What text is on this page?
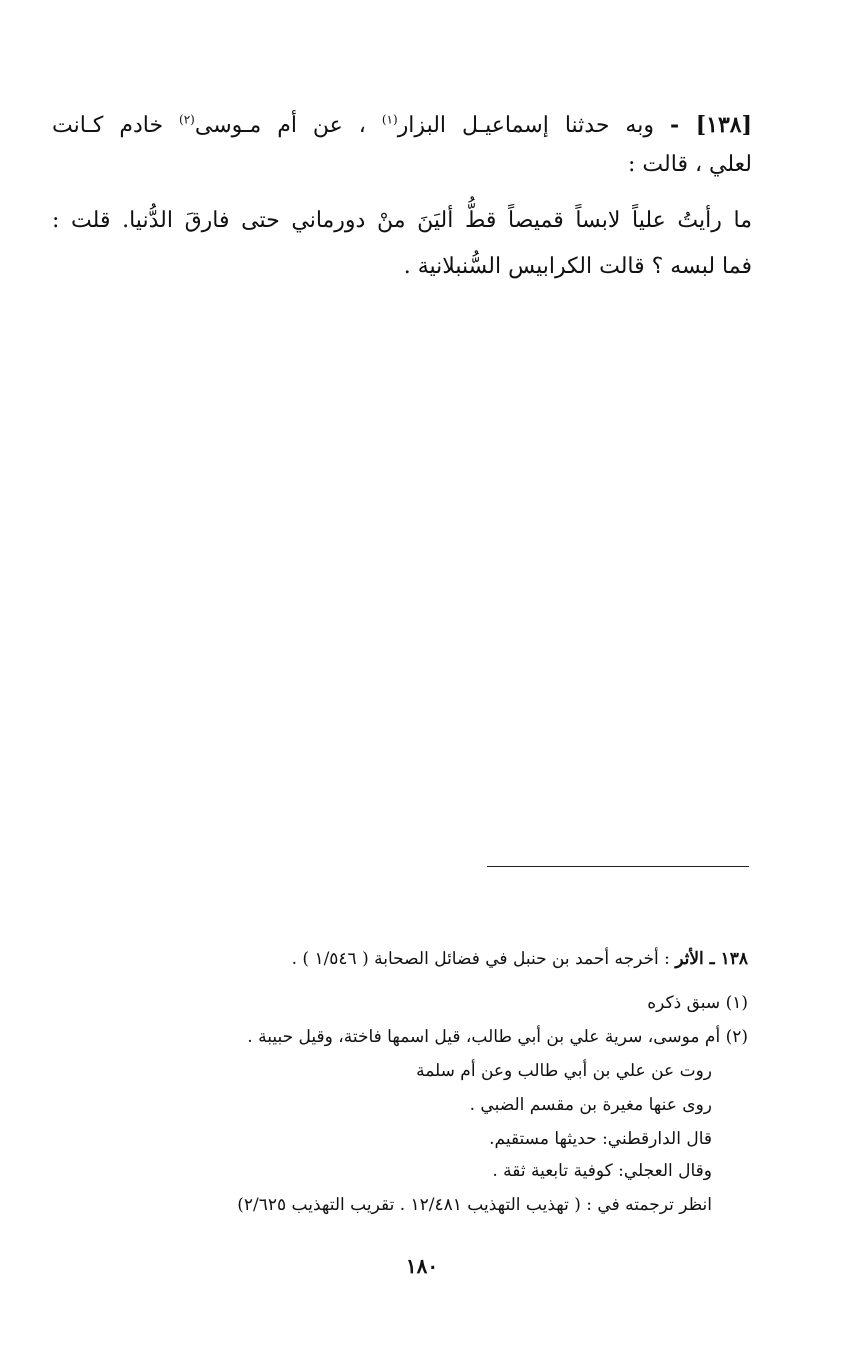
[١٣٨] - وبه حدثنا إسماعيـل البزار$^{(١)}$ ، عن أم مـوسى$^{(٢)}$ خادم كـانت
لعلي ، قالت :
ما رأيتُ علياً لابساً قميصاً قطُّ أليَنَ منْ دورماني حتى فارقَ الدُّنيا. قلت :
فما لبسه ؟ قالت الكرابيس السُّنبلانية .
١٣٨ ـ الأثر : أخرجه أحمد بن حنبل في فضائل الصحابة ( ١/٥٤٦ ) .
(١) سبق ذكره
(٢) أم موسى، سرية علي بن أبي طالب، قيل اسمها فاختة، وقيل حبيبة .
روت عن علي بن أبي طالب وعن أم سلمة
روى عنها مغيرة بن مقسم الضبي .
قال الدارقطني: حديثها مستقيم.
وقال العجلي: كوفية تابعية ثقة .
انظر ترجمته في : ( تهذيب التهذيب ١٢/٤٨١ . تقريب التهذيب ٢/٦٢٥)
١٨٠
